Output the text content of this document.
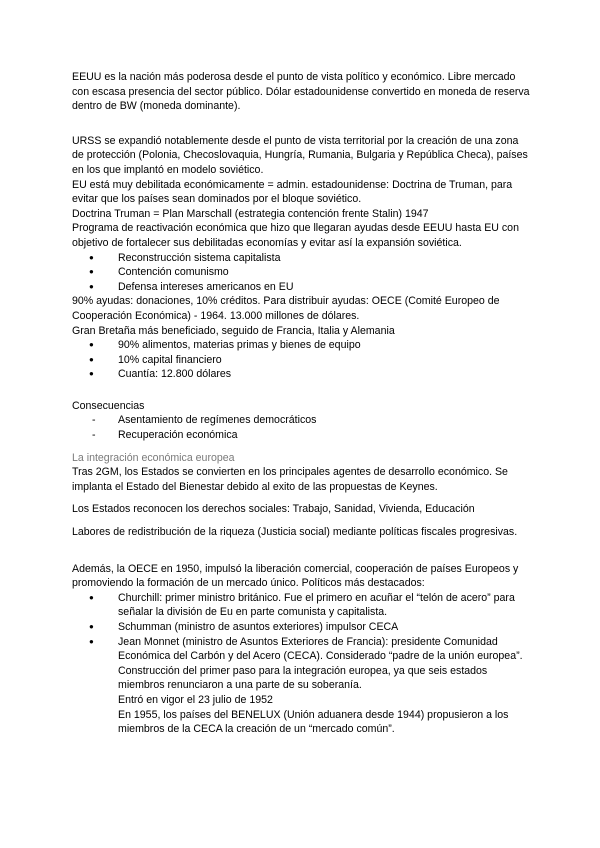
EEUU es la nación más poderosa desde el punto de vista político y económico. Libre mercado con escasa presencia del sector público. Dólar estadounidense convertido en moneda de reserva dentro de BW (moneda dominante).

URSS se expandió notablemente desde el punto de vista territorial por la creación de una zona de protección (Polonia, Checoslovaquia, Hungría, Rumania, Bulgaria y República Checa), países en los que implantó en modelo soviético.

EU está muy debilitada económicamente = admin. estadounidense: Doctrina de Truman, para evitar que los países sean dominados por el bloque soviético.

Doctrina Truman = Plan Marschall (estrategia contención frente Stalin) 1947

Programa de reactivación económica que hizo que llegaran ayudas desde EEUU hasta EU con objetivo de fortalecer sus debilitadas economías y evitar así la expansión soviética.

● Reconstrucción sistema capitalista
● Contención comunismo
● Defensa intereses americanos en EU

90% ayudas: donaciones, 10% créditos. Para distribuir ayudas: OECE (Comité Europeo de Cooperación Económica) - 1964. 13.000 millones de dólares.

Gran Bretaña más beneficiado, seguido de Francia, Italia y Alemania

● 90% alimentos, materias primas y bienes de equipo
● 10% capital financiero
● Cuantía: 12.800 dólares

Consecuencias

- Asentamiento de regímenes democráticos
- Recuperación económica

La integración económica europea

Tras 2GM, los Estados se convierten en los principales agentes de desarrollo económico. Se implanta el Estado del Bienestar debido al exito de las propuestas de Keynes.

Los Estados reconocen los derechos sociales: Trabajo, Sanidad, Vivienda, Educación

Labores de redistribución de la riqueza (Justicia social) mediante políticas fiscales progresivas.

Además, la OECE en 1950, impulsó la liberación comercial, cooperación de países Europeos y promoviendo la formación de un mercado único. Políticos más destacados:

● Churchill: primer ministro británico. Fue el primero en acuñar el “telón de acero” para señalar la división de Eu en parte comunista y capitalista.
● Schumman (ministro de asuntos exteriores) impulsor CECA
● Jean Monnet (ministro de Asuntos Exteriores de Francia): presidente Comunidad Económica del Carbón y del Acero (CECA). Considerado “padre de la unión europea”.

Construcción del primer paso para la integración europea, ya que seis estados miembros renunciaron a una parte de su soberanía.

Entró en vigor el 23 julio de 1952

En 1955, los países del BENELUX (Unión aduanera desde 1944) propusieron a los miembros de la CECA la creación de un “mercado común”.
